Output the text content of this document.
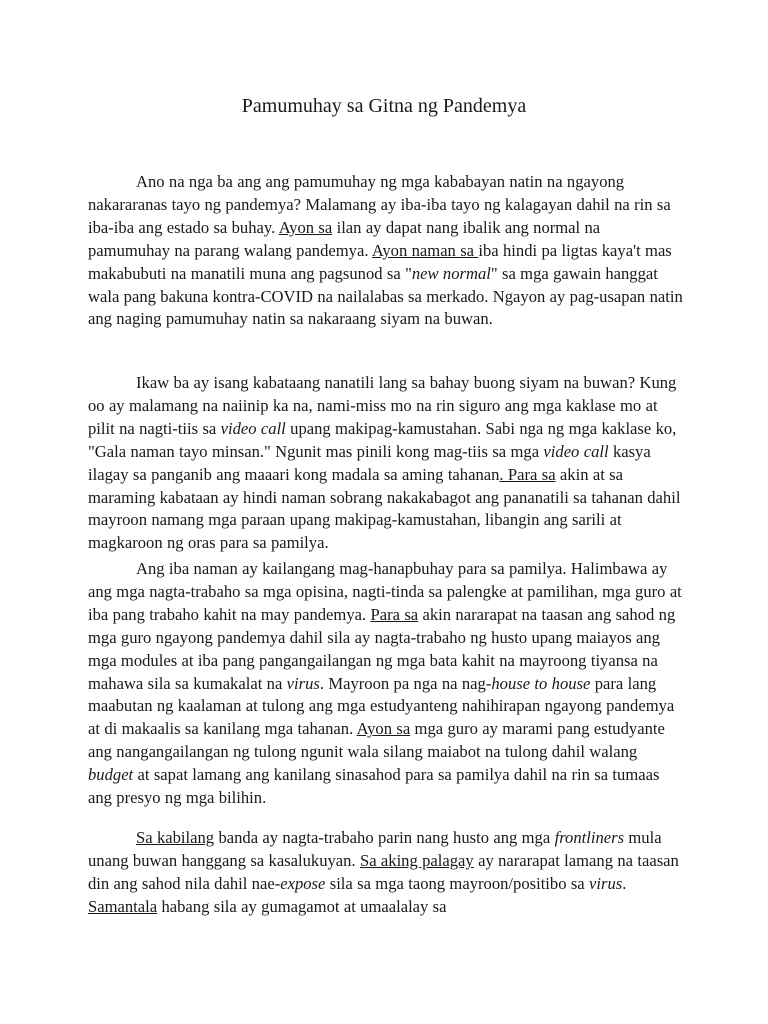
Pamumuhay sa Gitna ng Pandemya

Ano na nga ba ang ang pamumuhay ng mga kababayan natin na ngayong nakararanas tayo ng pandemya? Malamang ay iba-iba tayo ng kalagayan dahil na rin sa iba-iba ang estado sa buhay. Ayon sa ilan ay dapat nang ibalik ang normal na pamumuhay na parang walang pandemya. Ayon naman sa iba hindi pa ligtas kaya't mas makabubuti na manatili muna ang pagsunod sa "new normal" sa mga gawain hanggat wala pang bakuna kontra-COVID na nailalabas sa merkado. Ngayon ay pag-usapan natin ang naging pamumuhay natin sa nakaraang siyam na buwan.

Ikaw ba ay isang kabataang nanatili lang sa bahay buong siyam na buwan? Kung oo ay malamang na naiinip ka na, nami-miss mo na rin siguro ang mga kaklase mo at pilit na nagti-tiis sa video call upang makipag-kamustahan. Sabi nga ng mga kaklase ko, "Gala naman tayo minsan." Ngunit mas pinili kong mag-tiis sa mga video call kasya ilagay sa panganib ang maaari kong madala sa aming tahanan. Para sa akin at sa maraming kabataan ay hindi naman sobrang nakakabagot ang pananatili sa tahanan dahil mayroon namang mga paraan upang makipag-kamustahan, libangin ang sarili at magkaroon ng oras para sa pamilya.

Ang iba naman ay kailangang mag-hanapbuhay para sa pamilya. Halimbawa ay ang mga nagta-trabaho sa mga opisina, nagti-tinda sa palengke at pamilihan, mga guro at iba pang trabaho kahit na may pandemya. Para sa akin nararapat na taasan ang sahod ng mga guro ngayong pandemya dahil sila ay nagta-trabaho ng husto upang maiayos ang mga modules at iba pang pangangailangan ng mga bata kahit na mayroong tiyansa na mahawa sila sa kumakalat na virus. Mayroon pa nga na nag-house to house para lang maabutan ng kaalaman at tulong ang mga estudyanteng nahihirapan ngayong pandemya at di makaalis sa kanilang mga tahanan. Ayon sa mga guro ay marami pang estudyante ang nangangailangan ng tulong ngunit wala silang maiabot na tulong dahil walang budget at sapat lamang ang kanilang sinasahod para sa pamilya dahil na rin sa tumaas ang presyo ng mga bilihin.

Sa kabilang banda ay nagta-trabaho parin nang husto ang mga frontliners mula unang buwan hanggang sa kasalukuyan. Sa aking palagay ay nararapat lamang na taasan din ang sahod nila dahil nae-expose sila sa mga taong mayroon/positibo sa virus. Samantala habang sila ay gumagamot at umaalalay sa
